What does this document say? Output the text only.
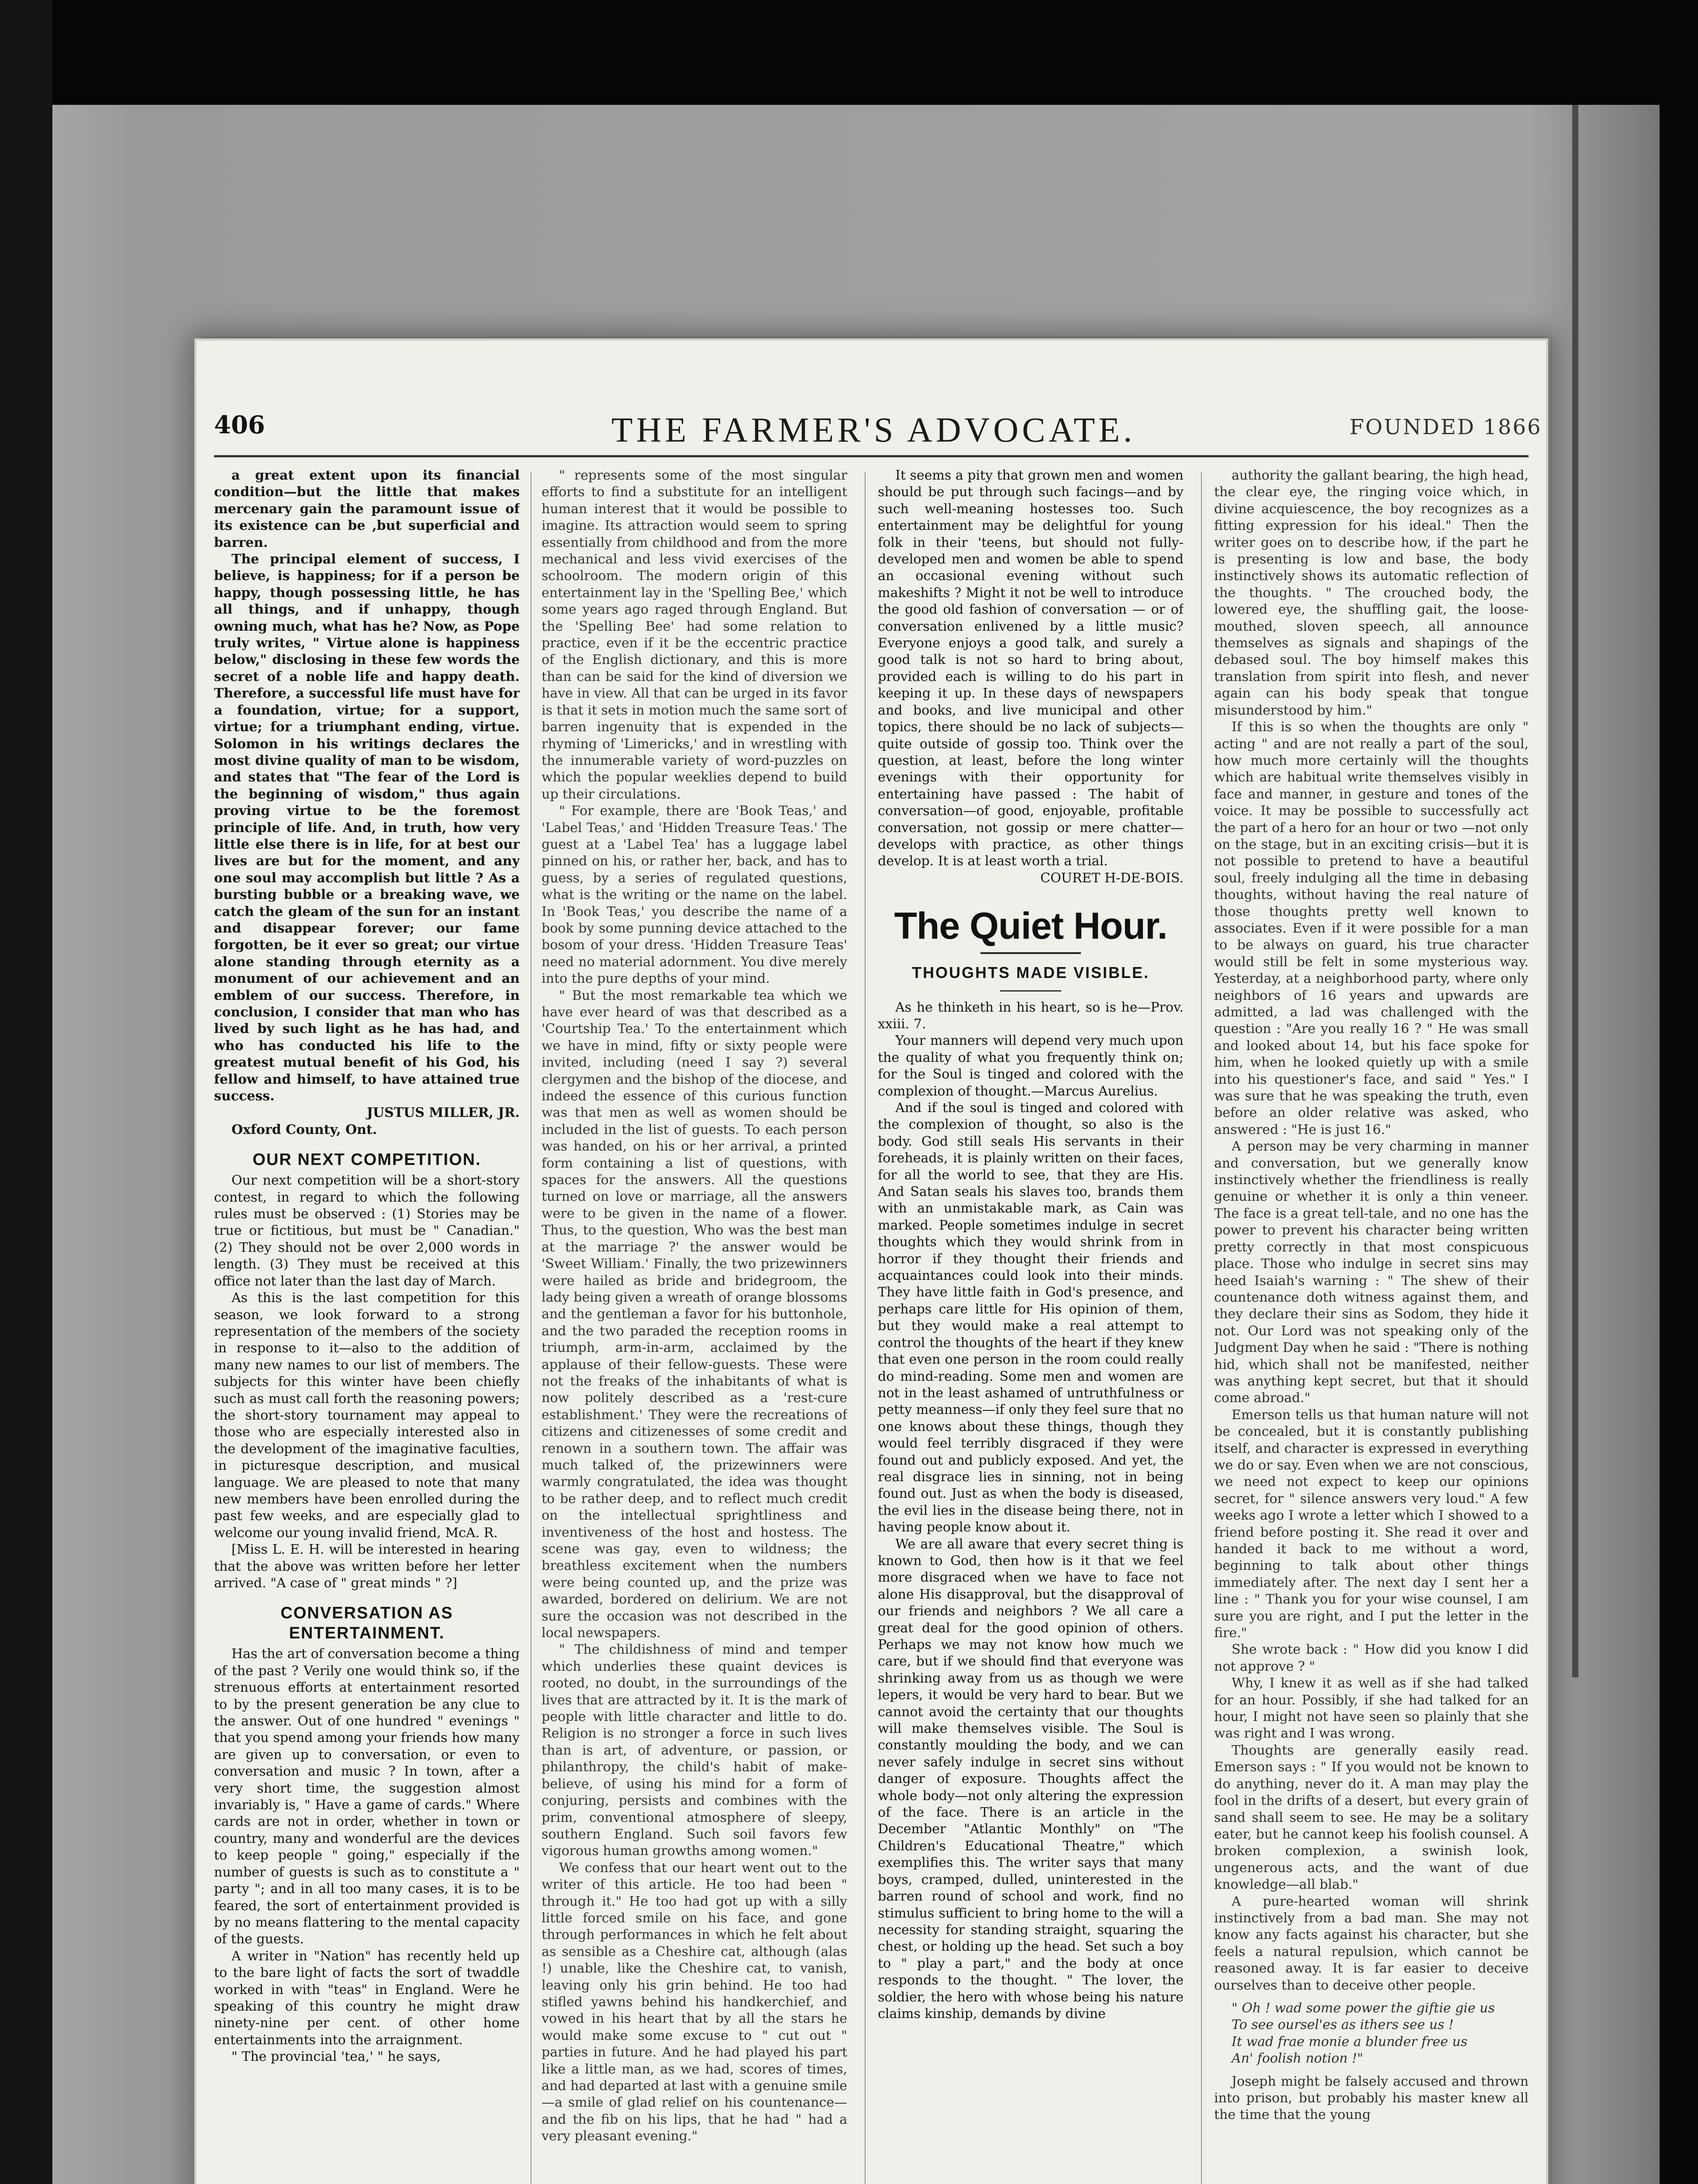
406	THE FARMER'S ADVOCATE.	FOUNDED 1866

a great extent upon its financial condition—but the little that makes mercenary gain the paramount issue of its existence can be ,but superficial and barren.

The principal element of success, I believe, is happiness; for if a person be happy, though possessing little, he has all things, and if unhappy, though owning much, what has he? Now, as Pope truly writes, " Virtue alone is happiness below," disclosing in these few words the secret of a noble life and happy death. Therefore, a successful life must have for a foundation, virtue; for a support, virtue; for a triumphant ending, virtue. Solomon in his writings declares the most divine quality of man to be wisdom, and states that "The fear of the Lord is the beginning of wisdom," thus again proving virtue to be the foremost principle of life. And, in truth, how very little else there is in life, for at best our lives are but for the moment, and any one soul may accomplish but little ? As a bursting bubble or a breaking wave, we catch the gleam of the sun for an instant and disappear forever; our fame forgotten, be it ever so great; our virtue alone standing through eternity as a monument of our achievement and an emblem of our success. Therefore, in conclusion, I consider that man who has lived by such light as he has had, and who has conducted his life to the greatest mutual benefit of his God, his fellow and himself, to have attained true success.

JUSTUS MILLER, JR.

Oxford County, Ont.

OUR NEXT COMPETITION.

Our next competition will be a short-story contest, in regard to which the following rules must be observed : (1) Stories may be true or fictitious, but must be " Canadian." (2) They should not be over 2,000 words in length. (3) They must be received at this office not later than the last day of March.

As this is the last competition for this season, we look forward to a strong representation of the members of the society in response to it—also to the addition of many new names to our list of members. The subjects for this winter have been chiefly such as must call forth the reasoning powers; the short-story tournament may appeal to those who are especially interested also in the development of the imaginative faculties, in picturesque description, and musical language. We are pleased to note that many new members have been enrolled during the past few weeks, and are especially glad to welcome our young invalid friend, McA. R.

[Miss L. E. H. will be interested in hearing that the above was written before her letter arrived. "A case of " great minds " ?]

CONVERSATION AS ENTERTAINMENT.

Has the art of conversation become a thing of the past ? Verily one would think so, if the strenuous efforts at entertainment resorted to by the present generation be any clue to the answer. Out of one hundred " evenings " that you spend among your friends how many are given up to conversation, or even to conversation and music ? In town, after a very short time, the suggestion almost invariably is, " Have a game of cards." Where cards are not in order, whether in town or country, many and wonderful are the devices to keep people " going," especially if the number of guests is such as to constitute a " party "; and in all too many cases, it is to be feared, the sort of entertainment provided is by no means flattering to the mental capacity of the guests.

A writer in "Nation" has recently held up to the bare light of facts the sort of twaddle worked in with "teas" in England. Were he speaking of this country he might draw ninety-nine per cent. of other home entertainments into the arraignment.

" The provincial 'tea,' " he says,

" represents some of the most singular efforts to find a substitute for an intelligent human interest that it would be possible to imagine. Its attraction would seem to spring essentially from childhood and from the more mechanical and less vivid exercises of the schoolroom. The modern origin of this entertainment lay in the 'Spelling Bee,' which some years ago raged through England. But the 'Spelling Bee' had some relation to practice, even if it be the eccentric practice of the English dictionary, and this is more than can be said for the kind of diversion we have in view. All that can be urged in its favor is that it sets in motion much the same sort of barren ingenuity that is expended in the rhyming of 'Limericks,' and in wrestling with the innumerable variety of word-puzzles on which the popular weeklies depend to build up their circulations.

" For example, there are 'Book Teas,' and 'Label Teas,' and 'Hidden Treasure Teas.' The guest at a 'Label Tea' has a luggage label pinned on his, or rather her, back, and has to guess, by a series of regulated questions, what is the writing or the name on the label. In 'Book Teas,' you describe the name of a book by some punning device attached to the bosom of your dress. 'Hidden Treasure Teas' need no material adornment. You dive merely into the pure depths of your mind.

" But the most remarkable tea which we have ever heard of was that described as a 'Courtship Tea.' To the entertainment which we have in mind, fifty or sixty people were invited, including (need I say ?) several clergymen and the bishop of the diocese, and indeed the essence of this curious function was that men as well as women should be included in the list of guests. To each person was handed, on his or her arrival, a printed form containing a list of questions, with spaces for the answers. All the questions turned on love or marriage, all the answers were to be given in the name of a flower. Thus, to the question, Who was the best man at the marriage ?' the answer would be 'Sweet William.' Finally, the two prizewinners were hailed as bride and bridegroom, the lady being given a wreath of orange blossoms and the gentleman a favor for his buttonhole, and the two paraded the reception rooms in triumph, arm-in-arm, acclaimed by the applause of their fellow-guests. These were not the freaks of the inhabitants of what is now politely described as a 'rest-cure establishment.' They were the recreations of citizens and citizenesses of some credit and renown in a southern town. The affair was much talked of, the prizewinners were warmly congratulated, the idea was thought to be rather deep, and to reflect much credit on the intellectual sprightliness and inventiveness of the host and hostess. The scene was gay, even to wildness; the breathless excitement when the numbers were being counted up, and the prize was awarded, bordered on delirium. We are not sure the occasion was not described in the local newspapers.

" The childishness of mind and temper which underlies these quaint devices is rooted, no doubt, in the surroundings of the lives that are attracted by it. It is the mark of people with little character and little to do. Religion is no stronger a force in such lives than is art, of adventure, or passion, or philanthropy, the child's habit of make-believe, of using his mind for a form of conjuring, persists and combines with the prim, conventional atmosphere of sleepy, southern England. Such soil favors few vigorous human growths among women."

We confess that our heart went out to the writer of this article. He too had been " through it." He too had got up with a silly little forced smile on his face, and gone through performances in which he felt about as sensible as a Cheshire cat, although (alas !) unable, like the Cheshire cat, to vanish, leaving only his grin behind. He too had stifled yawns behind his handkerchief, and vowed in his heart that by all the stars he would make some excuse to " cut out " parties in future. And he had played his part like a little man, as we had, scores of times, and had departed at last with a genuine smile—a smile of glad relief on his countenance—and the fib on his lips, that he had " had a very pleasant evening."

It seems a pity that grown men and women should be put through such facings—and by such well-meaning hostesses too. Such entertainment may be delightful for young folk in their 'teens, but should not fully-developed men and women be able to spend an occasional evening without such makeshifts ? Might it not be well to introduce the good old fashion of conversation — or of conversation enlivened by a little music? Everyone enjoys a good talk, and surely a good talk is not so hard to bring about, provided each is willing to do his part in keeping it up. In these days of newspapers and books, and live municipal and other topics, there should be no lack of subjects—quite outside of gossip too. Think over the question, at least, before the long winter evenings with their opportunity for entertaining have passed : The habit of conversation—of good, enjoyable, profitable conversation, not gossip or mere chatter—develops with practice, as other things develop. It is at least worth a trial.

COURET H-DE-BOIS.

The Quiet Hour.
THOUGHTS MADE VISIBLE.

As he thinketh in his heart, so is he—Prov. xxiii. 7.

Your manners will depend very much upon the quality of what you frequently think on; for the Soul is tinged and colored with the complexion of thought.—Marcus Aurelius.

And if the soul is tinged and colored with the complexion of thought, so also is the body. God still seals His servants in their foreheads, it is plainly written on their faces, for all the world to see, that they are His. And Satan seals his slaves too, brands them with an unmistakable mark, as Cain was marked. People sometimes indulge in secret thoughts which they would shrink from in horror if they thought their friends and acquaintances could look into their minds. They have little faith in God's presence, and perhaps care little for His opinion of them, but they would make a real attempt to control the thoughts of the heart if they knew that even one person in the room could really do mind-reading. Some men and women are not in the least ashamed of untruthfulness or petty meanness—if only they feel sure that no one knows about these things, though they would feel terribly disgraced if they were found out and publicly exposed. And yet, the real disgrace lies in sinning, not in being found out. Just as when the body is diseased, the evil lies in the disease being there, not in having people know about it.

We are all aware that every secret thing is known to God, then how is it that we feel more disgraced when we have to face not alone His disapproval, but the disapproval of our friends and neighbors ? We all care a great deal for the good opinion of others. Perhaps we may not know how much we care, but if we should find that everyone was shrinking away from us as though we were lepers, it would be very hard to bear. But we cannot avoid the certainty that our thoughts will make themselves visible. The Soul is constantly moulding the body, and we can never safely indulge in secret sins without danger of exposure. Thoughts affect the whole body—not only altering the expression of the face. There is an article in the December "Atlantic Monthly" on "The Children's Educational Theatre," which exemplifies this. The writer says that many boys, cramped, dulled, uninterested in the barren round of school and work, find no stimulus sufficient to bring home to the will a necessity for standing straight, squaring the chest, or holding up the head. Set such a boy to " play a part," and the body at once responds to the thought. " The lover, the soldier, the hero with whose being his nature claims kinship, demands by divine

authority the gallant bearing, the high head, the clear eye, the ringing voice which, in divine acquiescence, the boy recognizes as a fitting expression for his ideal." Then the writer goes on to describe how, if the part he is presenting is low and base, the body instinctively shows its automatic reflection of the thoughts. " The crouched body, the lowered eye, the shuffling gait, the loose-mouthed, sloven speech, all announce themselves as signals and shapings of the debased soul. The boy himself makes this translation from spirit into flesh, and never again can his body speak that tongue misunderstood by him."

If this is so when the thoughts are only " acting " and are not really a part of the soul, how much more certainly will the thoughts which are habitual write themselves visibly in face and manner, in gesture and tones of the voice. It may be possible to successfully act the part of a hero for an hour or two —not only on the stage, but in an exciting crisis—but it is not possible to pretend to have a beautiful soul, freely indulging all the time in debasing thoughts, without having the real nature of those thoughts pretty well known to associates. Even if it were possible for a man to be always on guard, his true character would still be felt in some mysterious way. Yesterday, at a neighborhood party, where only neighbors of 16 years and upwards are admitted, a lad was challenged with the question : "Are you really 16 ? " He was small and looked about 14, but his face spoke for him, when he looked quietly up with a smile into his questioner's face, and said " Yes." I was sure that he was speaking the truth, even before an older relative was asked, who answered : "He is just 16."

A person may be very charming in manner and conversation, but we generally know instinctively whether the friendliness is really genuine or whether it is only a thin veneer. The face is a great tell-tale, and no one has the power to prevent his character being written pretty correctly in that most conspicuous place. Those who indulge in secret sins may heed Isaiah's warning : " The shew of their countenance doth witness against them, and they declare their sins as Sodom, they hide it not. Our Lord was not speaking only of the Judgment Day when he said : "There is nothing hid, which shall not be manifested, neither was anything kept secret, but that it should come abroad."

Emerson tells us that human nature will not be concealed, but it is constantly publishing itself, and character is expressed in everything we do or say. Even when we are not conscious, we need not expect to keep our opinions secret, for " silence answers very loud." A few weeks ago I wrote a letter which I showed to a friend before posting it. She read it over and handed it back to me without a word, beginning to talk about other things immediately after. The next day I sent her a line : " Thank you for your wise counsel, I am sure you are right, and I put the letter in the fire."

She wrote back : " How did you know I did not approve ? "

Why, I knew it as well as if she had talked for an hour. Possibly, if she had talked for an hour, I might not have seen so plainly that she was right and I was wrong.

Thoughts are generally easily read. Emerson says : " If you would not be known to do anything, never do it. A man may play the fool in the drifts of a desert, but every grain of sand shall seem to see. He may be a solitary eater, but he cannot keep his foolish counsel. A broken complexion, a swinish look, ungenerous acts, and the want of due knowledge—all blab."

A pure-hearted woman will shrink instinctively from a bad man. She may not know any facts against his character, but she feels a natural repulsion, which cannot be reasoned away. It is far easier to deceive ourselves than to deceive other people.

" Oh ! wad some power the giftie gie us

To see oursel'es as ithers see us !

It wad frae monie a blunder free us

An' foolish notion !"

Joseph might be falsely accused and thrown into prison, but probably his master knew all the time that the young
